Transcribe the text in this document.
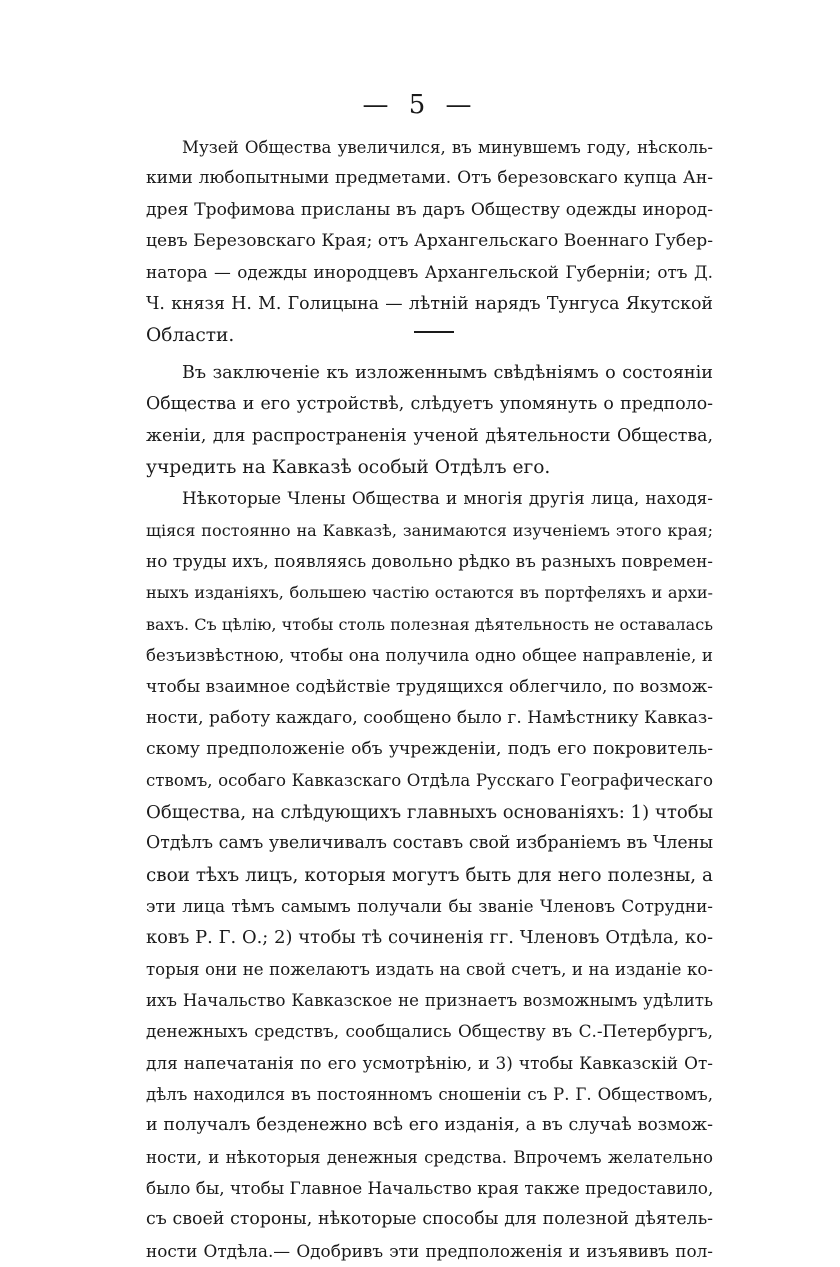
— 5 —
Музей Общества увеличился, въ минувшемъ году, нѣсколь-
кими любопытными предметами. Отъ березовскаго купца Ан-
дрея Трофимова присланы въ даръ Обществу одежды инород-
цевъ Березовскаго Края; отъ Архангельскаго Военнаго Губер-
натора — одежды инородцевъ Архангельской Губерніи; отъ Д.
Ч. князя Н. М. Голицына — лѣтній нарядъ Тунгуса Якутской
Области.
Въ заключеніе къ изложеннымъ свѣдѣніямъ о состояніи
Общества и его устройствѣ, слѣдуетъ упомянуть о предполо-
женіи, для распространенія ученой дѣятельности Общества,
учредить на Кавказѣ особый Отдѣлъ его.
Нѣкоторые Члены Общества и многія другія лица, находя-
щіяся постоянно на Кавказѣ, занимаются изученіемъ этого края;
но труды ихъ, появляясь довольно рѣдко въ разныхъ повремен-
ныхъ изданіяхъ, большею частію остаются въ портфеляхъ и архи-
вахъ. Съ цѣлію, чтобы столь полезная дѣятельность не оставалась
безъизвѣстною, чтобы она получила одно общее направленіе, и
чтобы взаимное содѣйствіе трудящихся облегчило, по возмож-
ности, работу каждаго, сообщено было г. Намѣстнику Кавказ-
скому предположеніе объ учрежденіи, подъ его покровитель-
ствомъ, особаго Кавказскаго Отдѣла Русскаго Географическаго
Общества, на слѣдующихъ главныхъ основаніяхъ: 1) чтобы
Отдѣлъ самъ увеличивалъ составъ свой избраніемъ въ Члены
свои тѣхъ лицъ, которыя могутъ быть для него полезны, а
эти лица тѣмъ самымъ получали бы званіе Членовъ Сотрудни-
ковъ Р. Г. О.; 2) чтобы тѣ сочиненія гг. Членовъ Отдѣла, ко-
торыя они не пожелаютъ издать на свой счетъ, и на изданіе ко-
ихъ Начальство Кавказское не признаетъ возможнымъ удѣлить
денежныхъ средствъ, сообщались Обществу въ С.-Петербургъ,
для напечатанія по его усмотрѣнію, и 3) чтобы Кавказскій От-
дѣлъ находился въ постоянномъ сношеніи съ Р. Г. Обществомъ,
и получалъ безденежно всѣ его изданія, а въ случаѣ возмож-
ности, и нѣкоторыя денежныя средства. Впрочемъ желательно
было бы, чтобы Главное Начальство края также предоставило,
съ своей стороны, нѣкоторые способы для полезной дѣятель-
ности Отдѣла.— Одобривъ эти предположенія и изъявивъ пол-
